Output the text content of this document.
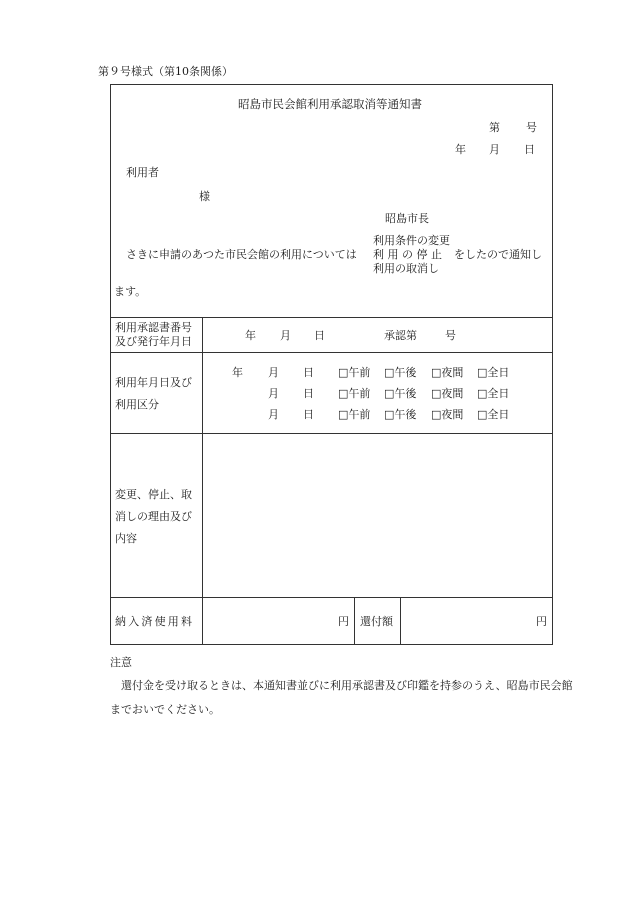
第９号様式（第10条関係）
昭島市民会館利用承認取消等通知書
第 号
年 月 日
利用者
様
昭島市長
利用条件の変更
さきに申請のあつた市民会館の利用については 利 用 の 停 止 をしたので通知し
利用の取消し
ます。
利用承認書番号
及び発行年月日	年 月 日	承認第	号
利用年月日及び
利用区分
年 月 日 □午前 □午後 □夜間 □全日
月 日 □午前 □午後 □夜間 □全日
月 日 □午前 □午後 □夜間 □全日
変更、停止、取
消しの理由及び
内容
納入済使用料	円 還付額	円
注意
還付金を受け取るときは、本通知書並びに利用承認書及び印鑑を持参のうえ、昭島市民会館までおいでください。
